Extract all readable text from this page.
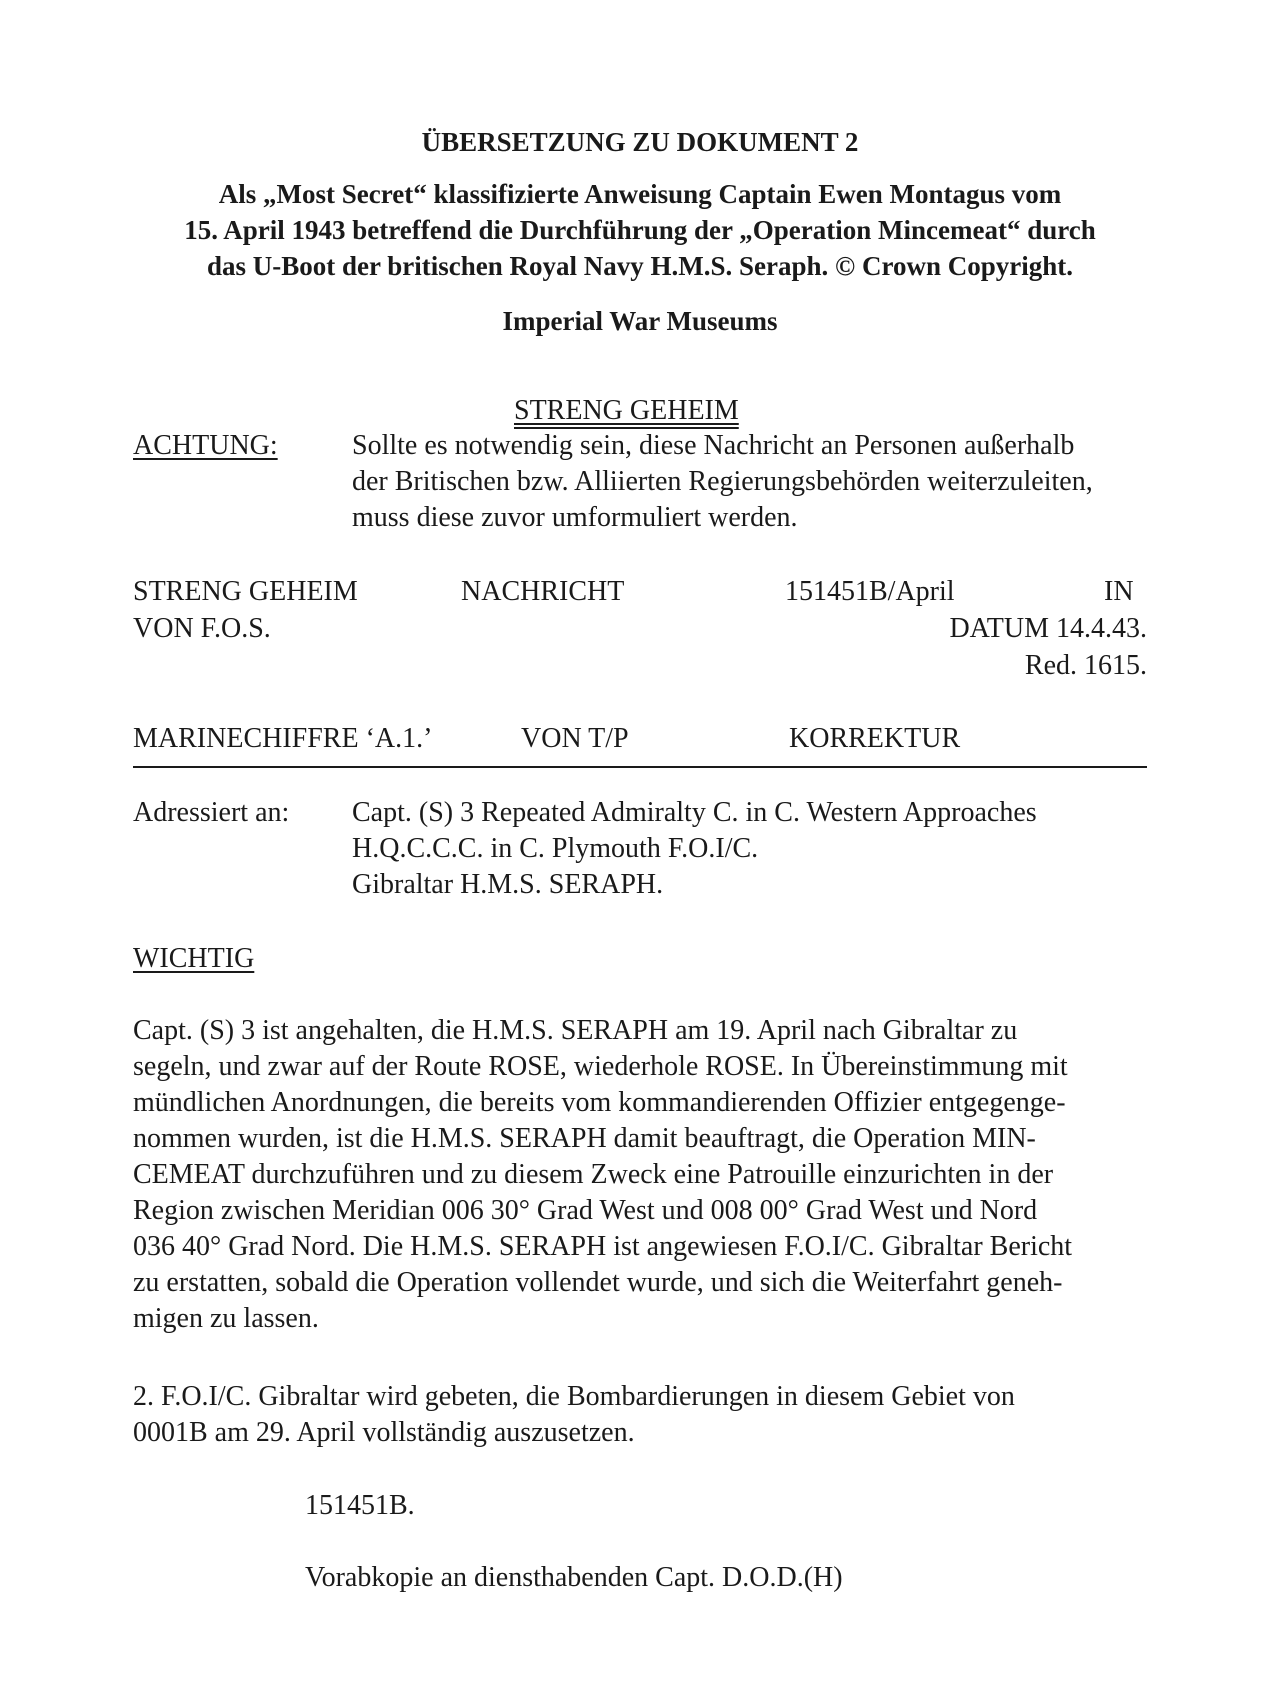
ÜBERSETZUNG ZU DOKUMENT 2
Als „Most Secret“ klassifizierte Anweisung Captain Ewen Montagus vom
15. April 1943 betreffend die Durchführung der „Operation Mincemeat“ durch
das U-Boot der britischen Royal Navy H.M.S. Seraph. © Crown Copyright.
Imperial War Museums
STRENG GEHEIM
ACHTUNG:	Sollte es notwendig sein, diese Nachricht an Personen außerhalb
der Britischen bzw. Alliierten Regierungsbehörden weiterzuleiten,
muss diese zuvor umformuliert werden.
STRENG GEHEIM	NACHRICHT	151451B/April	IN
VON F.O.S.	DATUM 14.4.43.
Red. 1615.
MARINECHIFFRE ‘A.1.’	VON T/P	KORREKTUR
Adressiert an: Capt. (S) 3 Repeated Admiralty C. in C. Western Approaches
H.Q.C.C.C. in C. Plymouth F.O.I/C.
Gibraltar H.M.S. SERAPH.
WICHTIG
Capt. (S) 3 ist angehalten, die H.M.S. SERAPH am 19. April nach Gibraltar zu
segeln, und zwar auf der Route ROSE, wiederhole ROSE. In Übereinstimmung mit
mündlichen Anordnungen, die bereits vom kommandierenden Offizier entgegenge-
nommen wurden, ist die H.M.S. SERAPH damit beauftragt, die Operation MIN-
CEMEAT durchzuführen und zu diesem Zweck eine Patrouille einzurichten in der
Region zwischen Meridian 006 30° Grad West und 008 00° Grad West und Nord
036 40° Grad Nord. Die H.M.S. SERAPH ist angewiesen F.O.I/C. Gibraltar Bericht
zu erstatten, sobald die Operation vollendet wurde, und sich die Weiterfahrt geneh-
migen zu lassen.
2. F.O.I/C. Gibraltar wird gebeten, die Bombardierungen in diesem Gebiet von
0001B am 29. April vollständig auszusetzen.
151451B.
Vorabkopie an diensthabenden Capt. D.O.D.(H)
